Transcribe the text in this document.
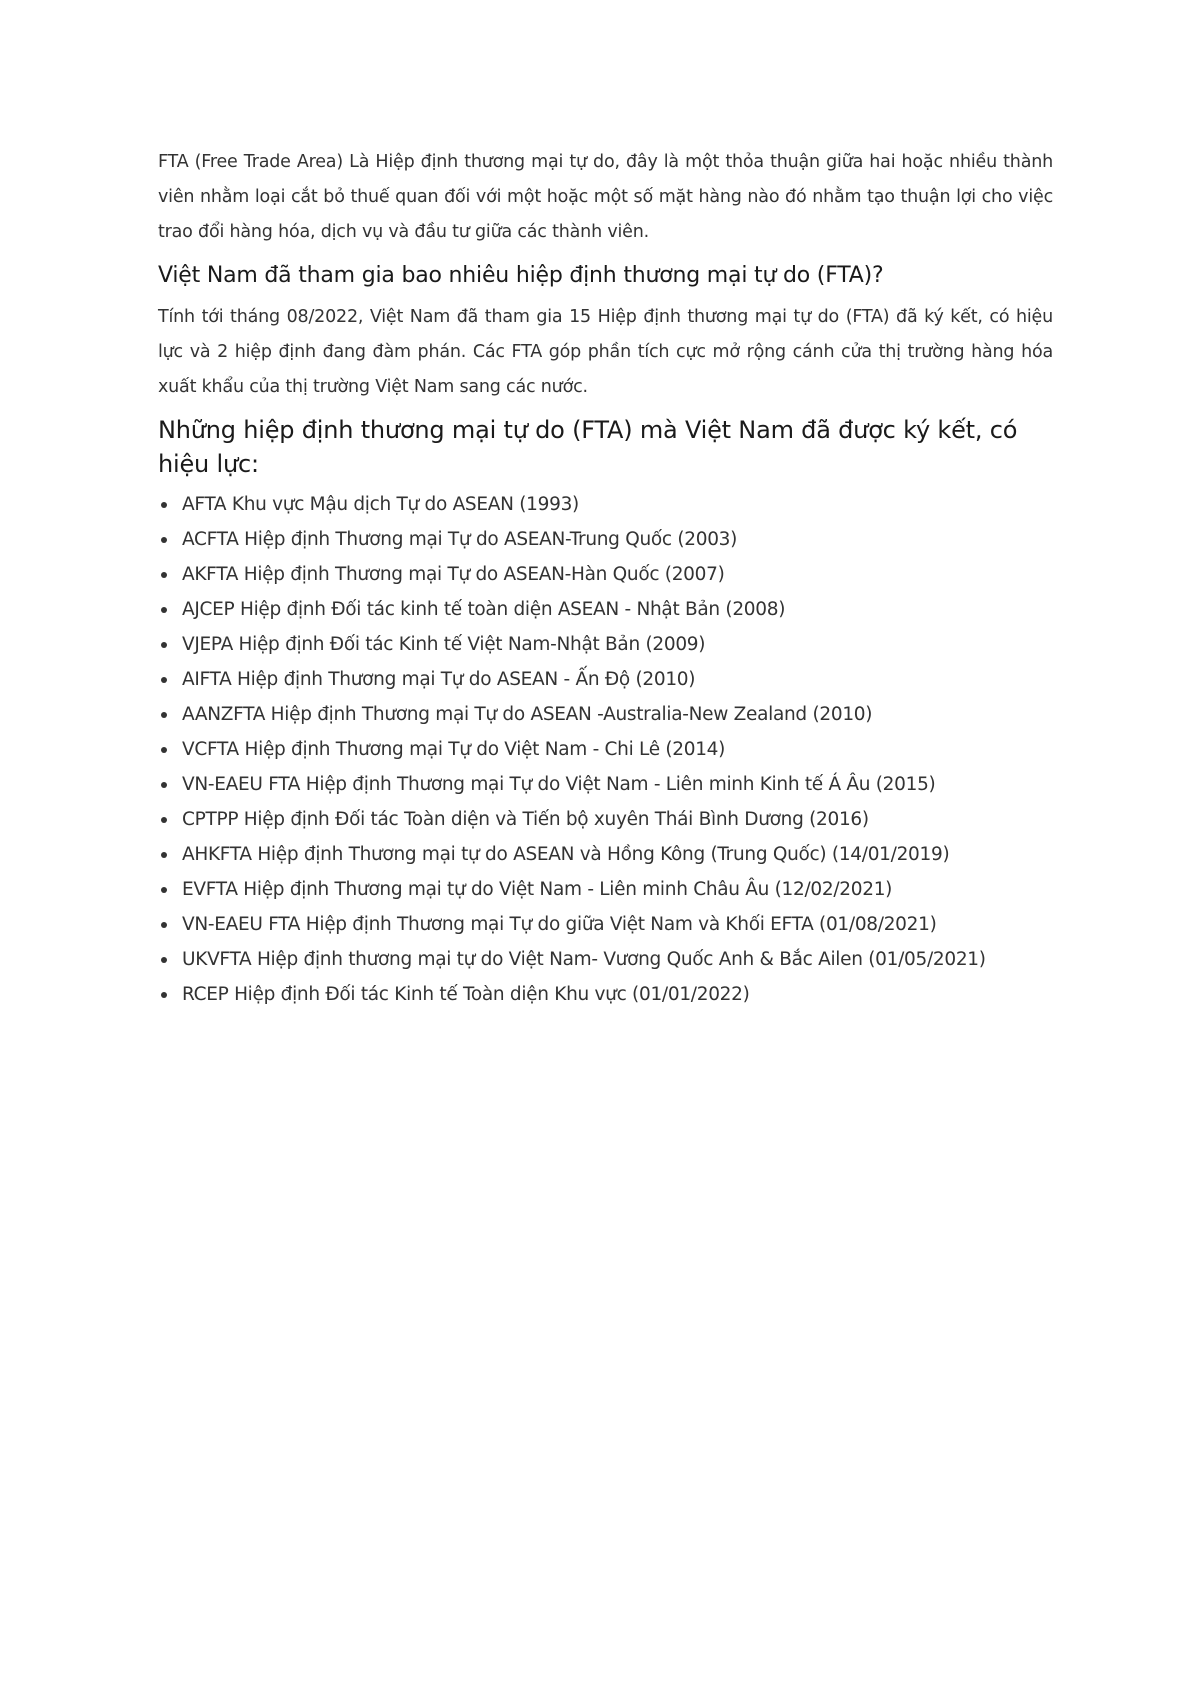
FTA (Free Trade Area) Là Hiệp định thương mại tự do, đây là một thỏa thuận giữa hai hoặc nhiều thành viên nhằm loại cắt bỏ thuế quan đối với một hoặc một số mặt hàng nào đó nhằm tạo thuận lợi cho việc trao đổi hàng hóa, dịch vụ và đầu tư giữa các thành viên.

Việt Nam đã tham gia bao nhiêu hiệp định thương mại tự do (FTA)?

Tính tới tháng 08/2022, Việt Nam đã tham gia 15 Hiệp định thương mại tự do (FTA) đã ký kết, có hiệu lực và 2 hiệp định đang đàm phán. Các FTA góp phần tích cực mở rộng cánh cửa thị trường hàng hóa xuất khẩu của thị trường Việt Nam sang các nước.

Những hiệp định thương mại tự do (FTA) mà Việt Nam đã được ký kết, có hiệu lực:
AFTA Khu vực Mậu dịch Tự do ASEAN (1993)
ACFTA Hiệp định Thương mại Tự do ASEAN-Trung Quốc (2003)
AKFTA Hiệp định Thương mại Tự do ASEAN-Hàn Quốc (2007)
AJCEP Hiệp định Đối tác kinh tế toàn diện ASEAN - Nhật Bản (2008)
VJEPA Hiệp định Đối tác Kinh tế Việt Nam-Nhật Bản (2009)
AIFTA Hiệp định Thương mại Tự do ASEAN - Ấn Độ (2010)
AANZFTA Hiệp định Thương mại Tự do ASEAN -Australia-New Zealand (2010)
VCFTA Hiệp định Thương mại Tự do Việt Nam - Chi Lê (2014)
VN-EAEU FTA Hiệp định Thương mại Tự do Việt Nam - Liên minh Kinh tế Á Âu (2015)
CPTPP Hiệp định Đối tác Toàn diện và Tiến bộ xuyên Thái Bình Dương (2016)
AHKFTA Hiệp định Thương mại tự do ASEAN và Hồng Kông (Trung Quốc) (14/01/2019)
EVFTA Hiệp định Thương mại tự do Việt Nam - Liên minh Châu Âu (12/02/2021)
VN-EAEU FTA Hiệp định Thương mại Tự do giữa Việt Nam và Khối EFTA (01/08/2021)
UKVFTA Hiệp định thương mại tự do Việt Nam- Vương Quốc Anh & Bắc Ailen (01/05/2021)
RCEP Hiệp định Đối tác Kinh tế Toàn diện Khu vực (01/01/2022)
